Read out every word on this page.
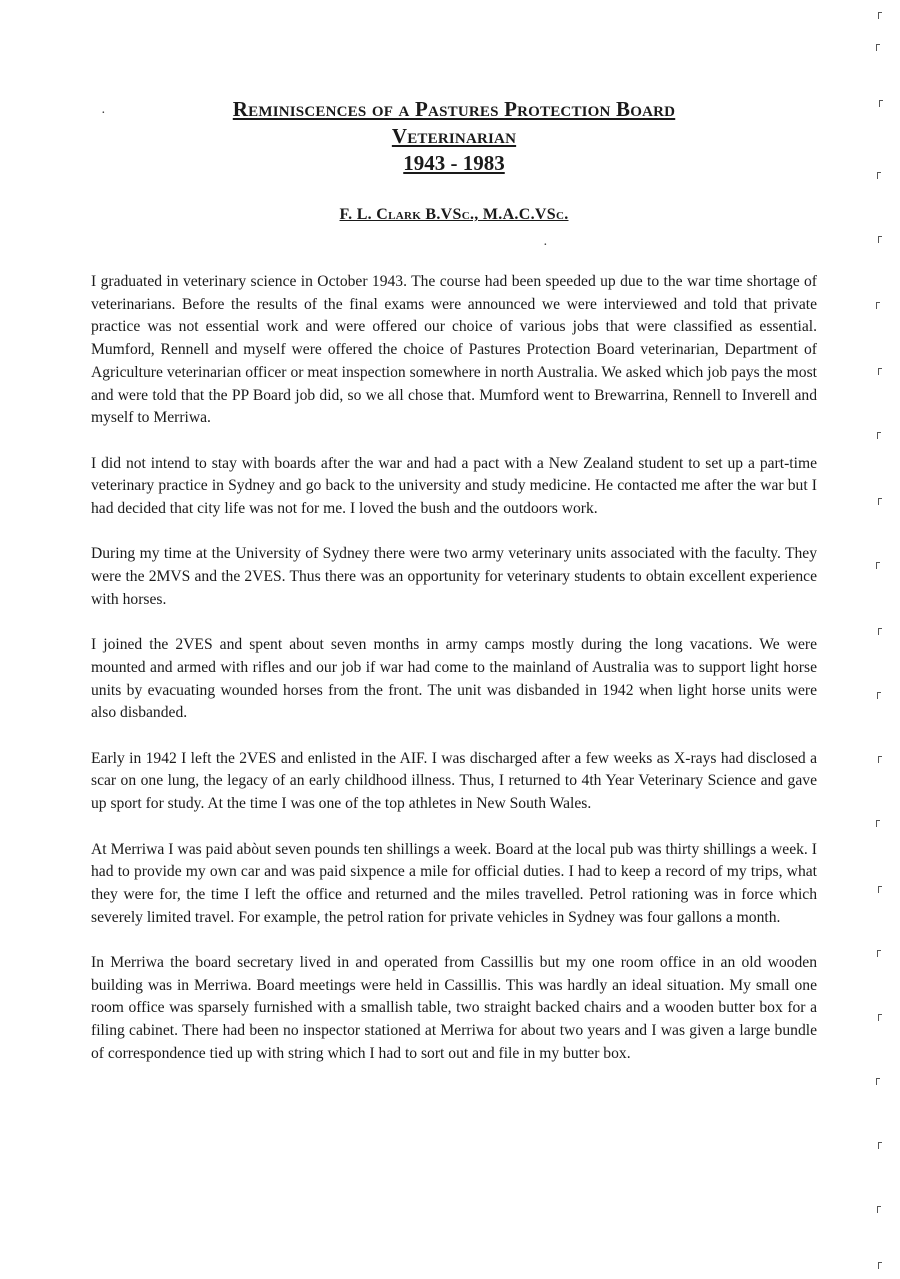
·	Reminiscences of a Pastures Protection Board
Veterinarian
1943 - 1983
F. L. Clark B.VSc., M.A.C.VSc.
·

I graduated in veterinary science in October 1943. The course had been speeded up due to the war time shortage of veterinarians. Before the results of the final exams were announced we were interviewed and told that private practice was not essential work and were offered our choice of various jobs that were classified as essential. Mumford, Rennell and myself were offered the choice of Pastures Protection Board veterinarian, Department of Agriculture veterinarian officer or meat inspection somewhere in north Australia. We asked which job pays the most and were told that the PP Board job did, so we all chose that. Mumford went to Brewarrina, Rennell to Inverell and myself to Merriwa.

I did not intend to stay with boards after the war and had a pact with a New Zealand student to set up a part-time veterinary practice in Sydney and go back to the university and study medicine. He contacted me after the war but I had decided that city life was not for me. I loved the bush and the outdoors work.

During my time at the University of Sydney there were two army veterinary units associated with the faculty. They were the 2MVS and the 2VES. Thus there was an opportunity for veterinary students to obtain excellent experience with horses.

I joined the 2VES and spent about seven months in army camps mostly during the long vacations. We were mounted and armed with rifles and our job if war had come to the mainland of Australia was to support light horse units by evacuating wounded horses from the front. The unit was disbanded in 1942 when light horse units were also disbanded.

Early in 1942 I left the 2VES and enlisted in the AIF. I was discharged after a few weeks as X-rays had disclosed a scar on one lung, the legacy of an early childhood illness. Thus, I returned to 4th Year Veterinary Science and gave up sport for study. At the time I was one of the top athletes in New South Wales.

At Merriwa I was paid abòut seven pounds ten shillings a week. Board at the local pub was thirty shillings a week. I had to provide my own car and was paid sixpence a mile for official duties. I had to keep a record of my trips, what they were for, the time I left the office and returned and the miles travelled. Petrol rationing was in force which severely limited travel. For example, the petrol ration for private vehicles in Sydney was four gallons a month.

In Merriwa the board secretary lived in and operated from Cassillis but my one room office in an old wooden building was in Merriwa. Board meetings were held in Cassillis. This was hardly an ideal situation. My small one room office was sparsely furnished with a smallish table, two straight backed chairs and a wooden butter box for a filing cabinet. There had been no inspector stationed at Merriwa for about two years and I was given a large bundle of correspondence tied up with string which I had to sort out and file in my butter box.
